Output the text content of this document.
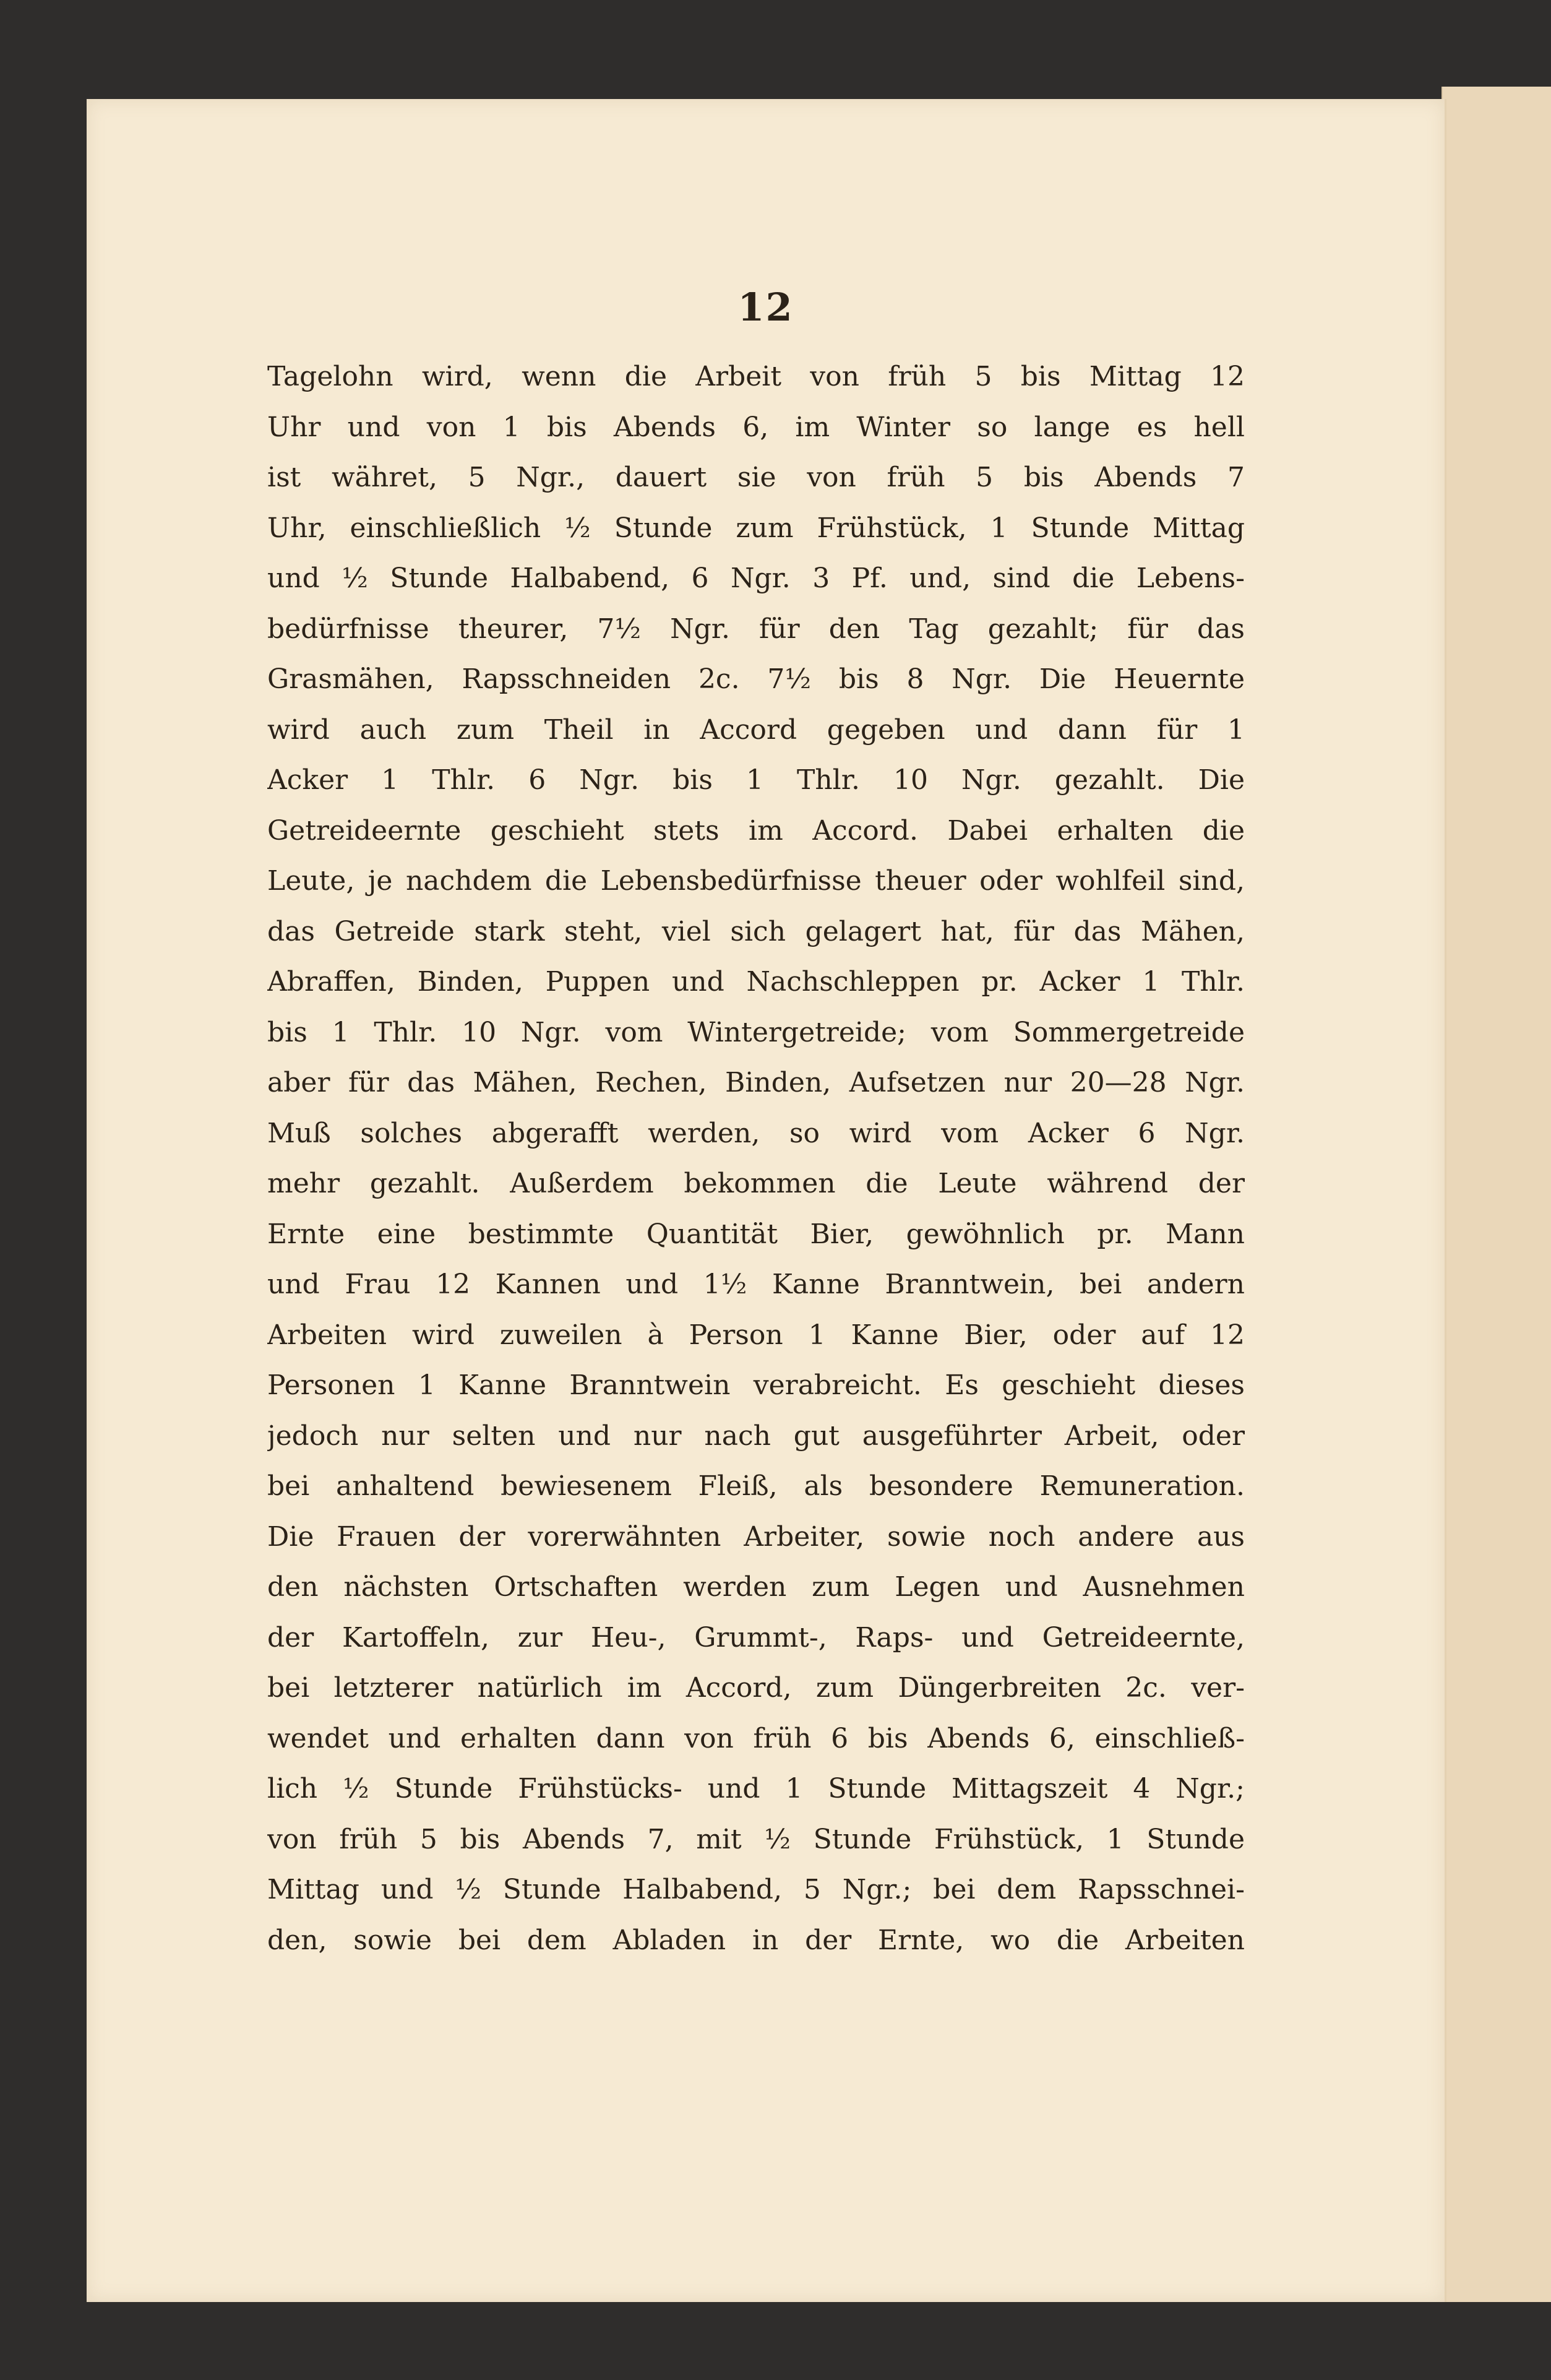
12
Tagelohn wird, wenn die Arbeit von früh 5 bis Mittag 12
Uhr und von 1 bis Abends 6, im Winter so lange es hell
ist währet, 5 Ngr., dauert sie von früh 5 bis Abends 7
Uhr, einschließlich ½ Stunde zum Frühstück, 1 Stunde Mittag
und ½ Stunde Halbabend, 6 Ngr. 3 Pf. und, sind die Lebens-
bedürfnisse theurer, 7½ Ngr. für den Tag gezahlt; für das
Grasmähen, Rapsschneiden 2c. 7½ bis 8 Ngr. Die Heuernte
wird auch zum Theil in Accord gegeben und dann für 1
Acker 1 Thlr. 6 Ngr. bis 1 Thlr. 10 Ngr. gezahlt. Die
Getreideernte geschieht stets im Accord. Dabei erhalten die
Leute, je nachdem die Lebensbedürfnisse theuer oder wohlfeil sind,
das Getreide stark steht, viel sich gelagert hat, für das Mähen,
Abraffen, Binden, Puppen und Nachschleppen pr. Acker 1 Thlr.
bis 1 Thlr. 10 Ngr. vom Wintergetreide; vom Sommergetreide
aber für das Mähen, Rechen, Binden, Aufsetzen nur 20—28 Ngr.
Muß solches abgerafft werden, so wird vom Acker 6 Ngr.
mehr gezahlt. Außerdem bekommen die Leute während der
Ernte eine bestimmte Quantität Bier, gewöhnlich pr. Mann
und Frau 12 Kannen und 1½ Kanne Branntwein, bei andern
Arbeiten wird zuweilen à Person 1 Kanne Bier, oder auf 12
Personen 1 Kanne Branntwein verabreicht. Es geschieht dieses
jedoch nur selten und nur nach gut ausgeführter Arbeit, oder
bei anhaltend bewiesenem Fleiß, als besondere Remuneration.
Die Frauen der vorerwähnten Arbeiter, sowie noch andere aus
den nächsten Ortschaften werden zum Legen und Ausnehmen
der Kartoffeln, zur Heu-, Grummt-, Raps- und Getreideernte,
bei letzterer natürlich im Accord, zum Düngerbreiten 2c. ver-
wendet und erhalten dann von früh 6 bis Abends 6, einschließ-
lich ½ Stunde Frühstücks- und 1 Stunde Mittagszeit 4 Ngr.;
von früh 5 bis Abends 7, mit ½ Stunde Frühstück, 1 Stunde
Mittag und ½ Stunde Halbabend, 5 Ngr.; bei dem Rapsschnei-
den, sowie bei dem Abladen in der Ernte, wo die Arbeiten
